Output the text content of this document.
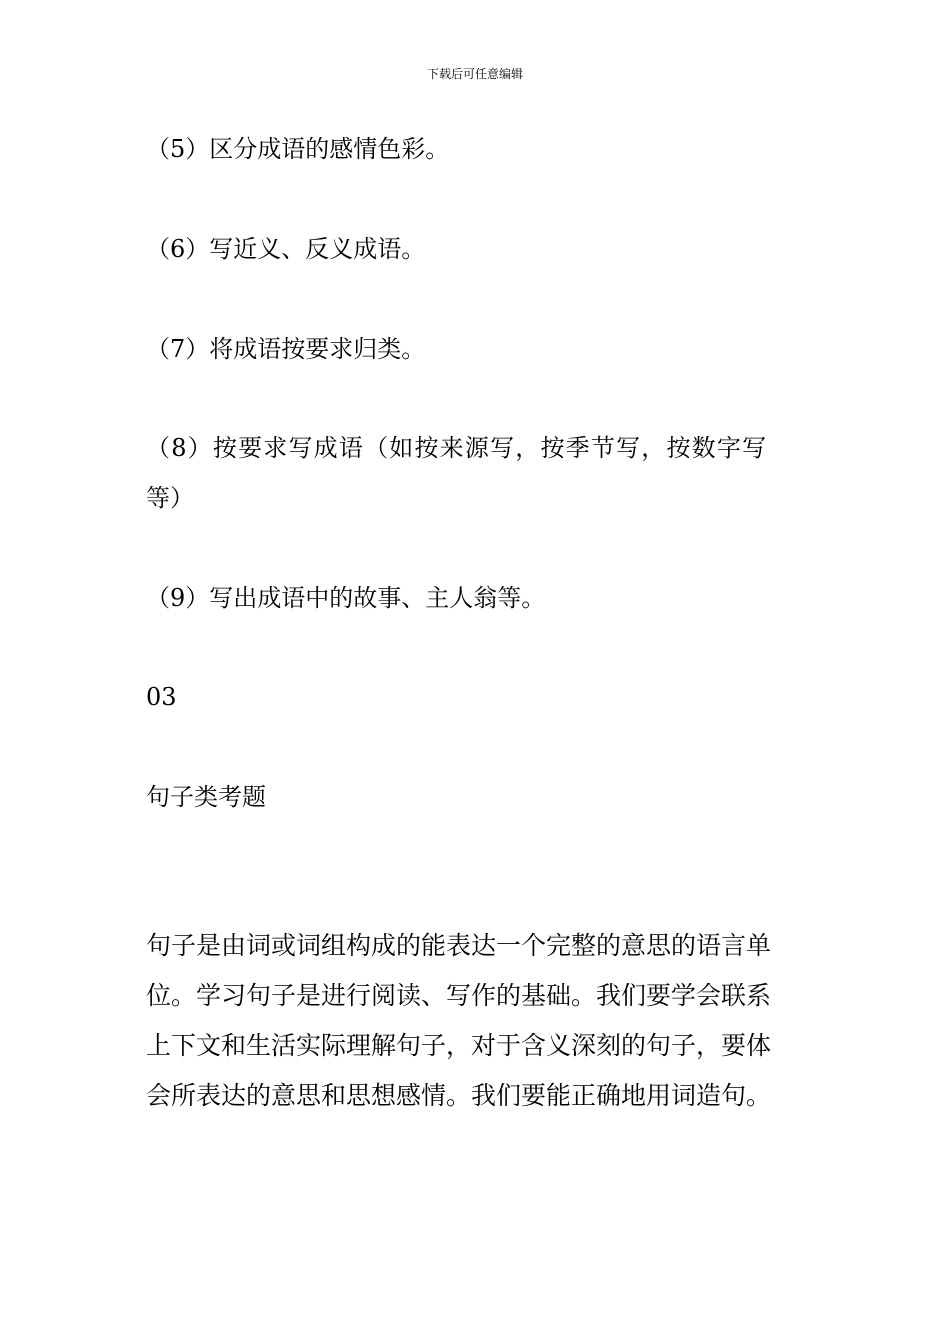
下载后可任意编辑
（5）区分成语的感情色彩。
（6）写近义、反义成语。
（7）将成语按要求归类。
（8）按要求写成语（如按来源写，按季节写，按数字写
等）
（9）写出成语中的故事、主人翁等。
03
句子类考题
句子是由词或词组构成的能表达一个完整的意思的语言单
位。学习句子是进行阅读、写作的基础。我们要学会联系
上下文和生活实际理解句子，对于含义深刻的句子，要体
会所表达的意思和思想感情。我们要能正确地用词造句。
